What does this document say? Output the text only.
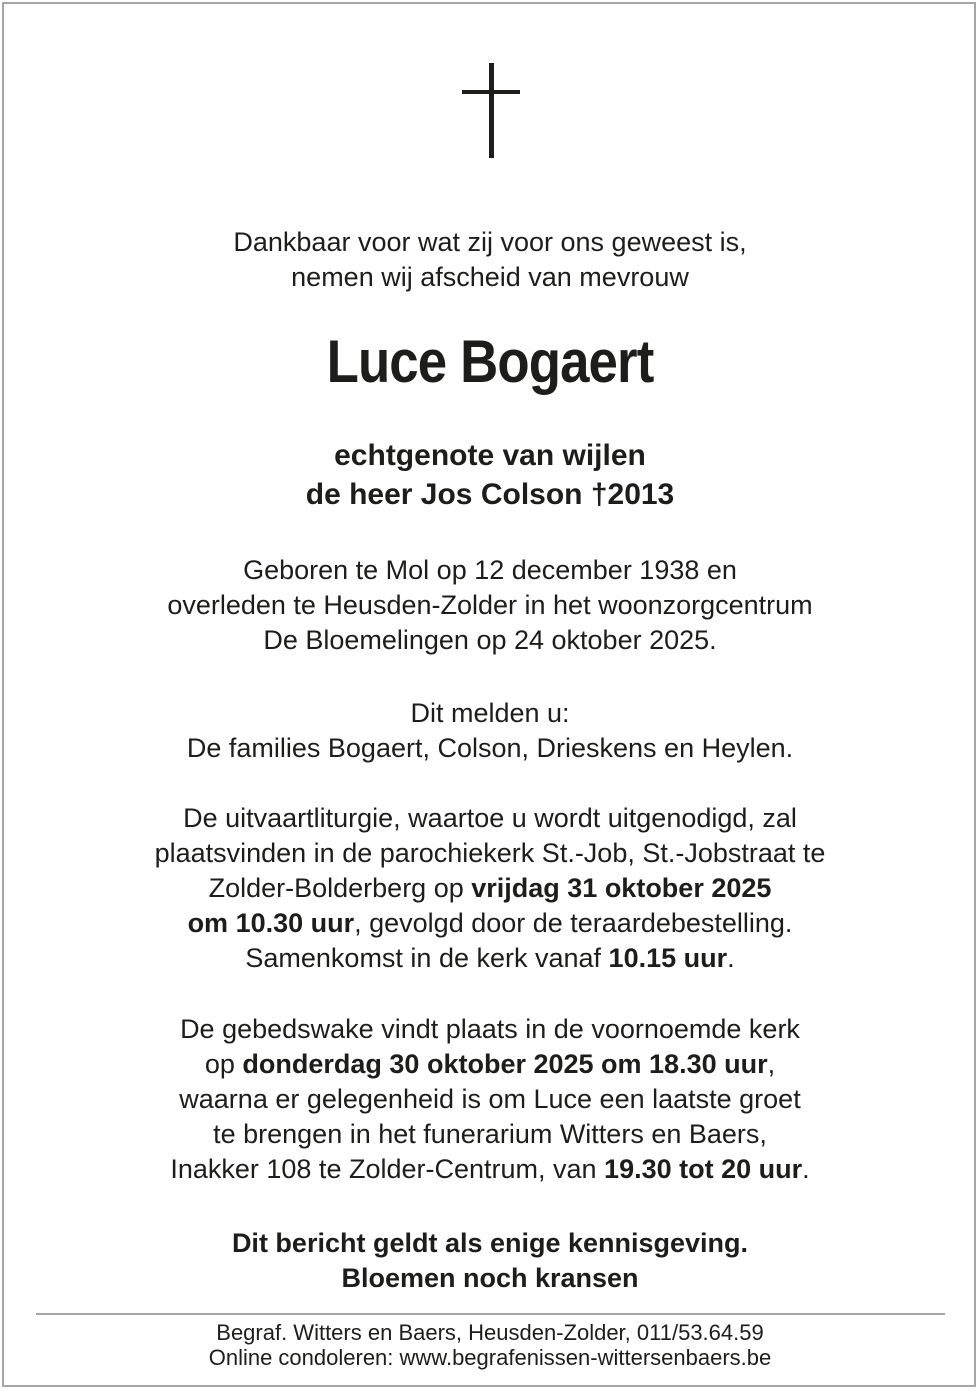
Dankbaar voor wat zij voor ons geweest is,
nemen wij afscheid van mevrouw
Luce Bogaert
echtgenote van wijlen
de heer Jos Colson †2013
Geboren te Mol op 12 december 1938 en
overleden te Heusden-Zolder in het woonzorgcentrum
De Bloemelingen op 24 oktober 2025.
Dit melden u:
De families Bogaert, Colson, Drieskens en Heylen.
De uitvaartliturgie, waartoe u wordt uitgenodigd, zal
plaatsvinden in de parochiekerk St.-Job, St.-Jobstraat te
Zolder-Bolderberg op vrijdag 31 oktober 2025
om 10.30 uur, gevolgd door de teraardebestelling.
Samenkomst in de kerk vanaf 10.15 uur.
De gebedswake vindt plaats in de voornoemde kerk
op donderdag 30 oktober 2025 om 18.30 uur,
waarna er gelegenheid is om Luce een laatste groet
te brengen in het funerarium Witters en Baers,
Inakker 108 te Zolder-Centrum, van 19.30 tot 20 uur.
Dit bericht geldt als enige kennisgeving.
Bloemen noch kransen
Begraf. Witters en Baers, Heusden-Zolder, 011/53.64.59
Online condoleren: www.begrafenissen-wittersenbaers.be
